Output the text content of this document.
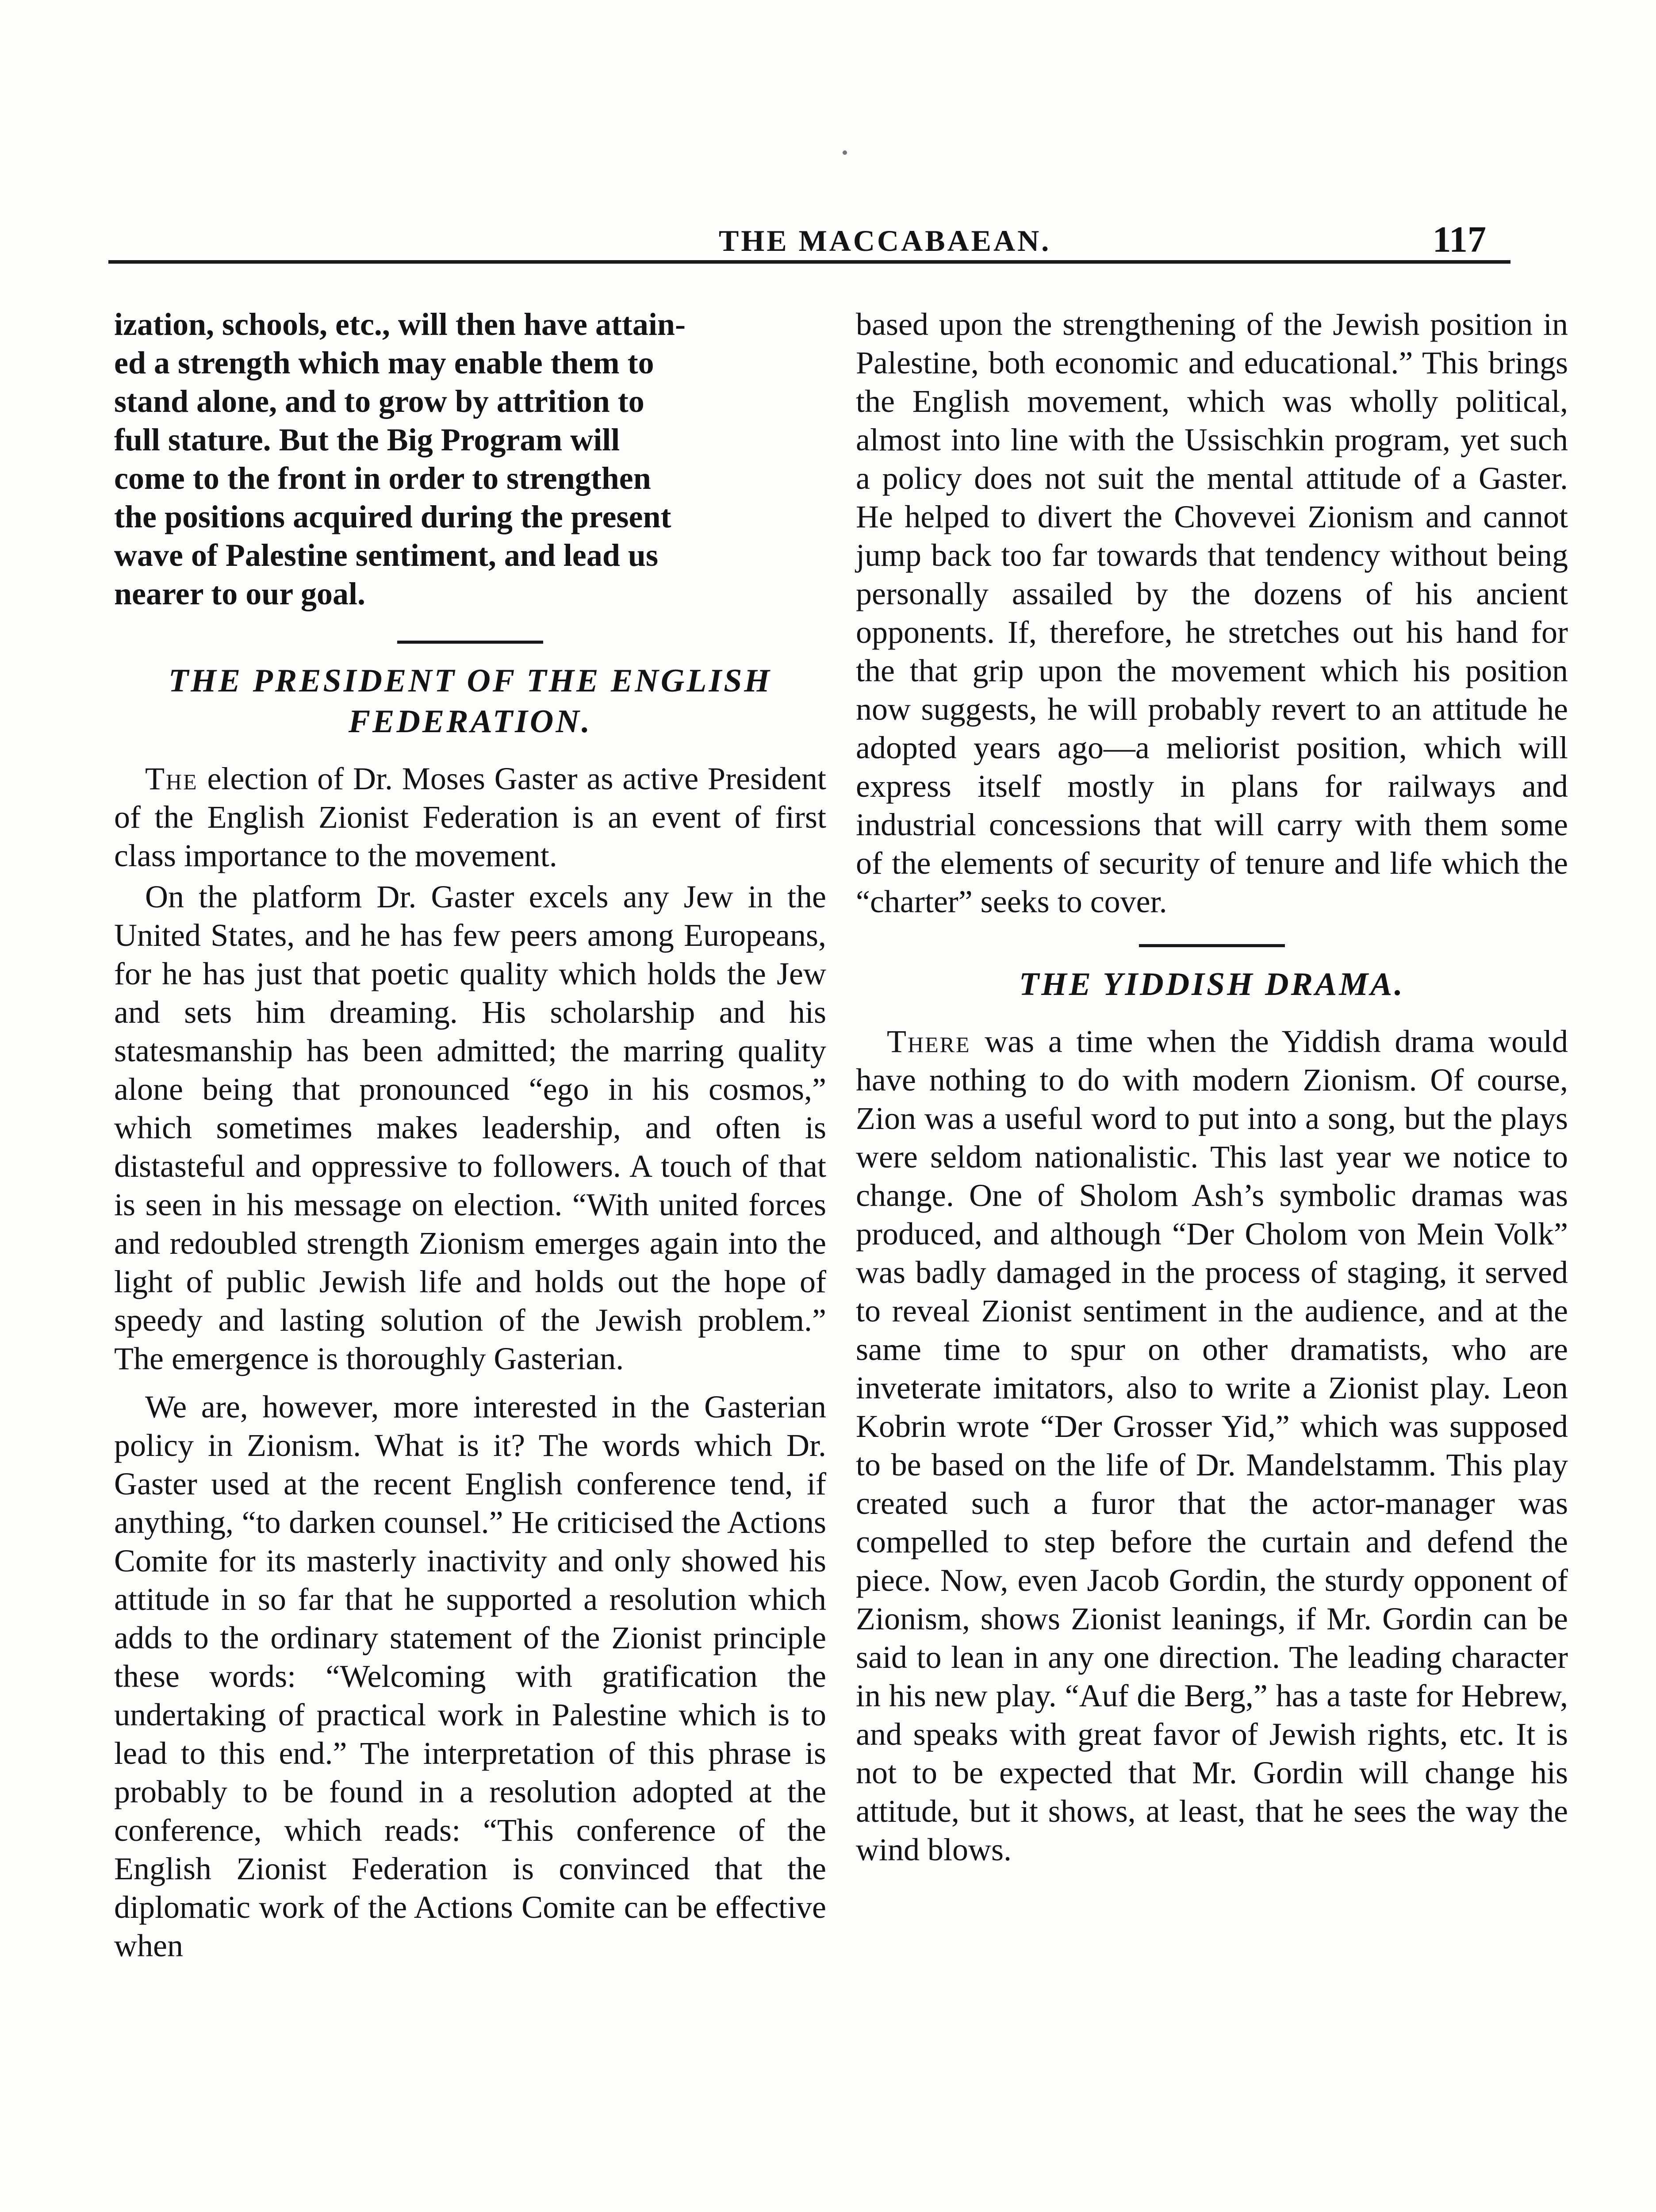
THE MACCABAEAN.	117

ization, schools, etc., will then have attain-
ed a strength which may enable them to
stand alone, and to grow by attrition to
full stature. But the Big Program will
come to the front in order to strengthen
the positions acquired during the present
wave of Palestine sentiment, and lead us
nearer to our goal.

THE PRESIDENT OF THE ENGLISH
FEDERATION.

The election of Dr. Moses Gaster as active President of the English Zionist Federation is an event of first class importance to the movement.

On the platform Dr. Gaster excels any Jew in the United States, and he has few peers among Europeans, for he has just that poetic quality which holds the Jew and sets him dreaming. His scholarship and his statesmanship has been admitted; the marring quality alone being that pronounced “ego in his cosmos,” which sometimes makes leadership, and often is distasteful and oppressive to followers. A touch of that is seen in his message on election. “With united forces and redoubled strength Zionism emerges again into the light of public Jewish life and holds out the hope of speedy and lasting solution of the Jewish problem.” The emergence is thoroughly Gasterian.

We are, however, more interested in the Gasterian policy in Zionism. What is it? The words which Dr. Gaster used at the recent English conference tend, if anything, “to darken counsel.” He criticised the Actions Comite for its masterly inactivity and only showed his attitude in so far that he supported a resolution which adds to the ordinary statement of the Zionist principle these words: “Welcoming with gratification the undertaking of practical work in Palestine which is to lead to this end.” The interpretation of this phrase is probably to be found in a resolution adopted at the conference, which reads: “This conference of the English Zionist Federation is convinced that the diplomatic work of the Actions Comite can be effective when

based upon the strengthening of the Jewish position in Palestine, both economic and educational.” This brings the English movement, which was wholly political, almost into line with the Ussischkin program, yet such a policy does not suit the mental attitude of a Gaster. He helped to divert the Chovevei Zionism and cannot jump back too far towards that tendency without being personally assailed by the dozens of his ancient opponents. If, therefore, he stretches out his hand for the that grip upon the movement which his position now suggests, he will probably revert to an attitude he adopted years ago—a meliorist position, which will express itself mostly in plans for railways and industrial concessions that will carry with them some of the elements of security of tenure and life which the “charter” seeks to cover.

THE YIDDISH DRAMA.

There was a time when the Yiddish drama would have nothing to do with modern Zionism. Of course, Zion was a useful word to put into a song, but the plays were seldom nationalistic. This last year we notice to change. One of Sholom Ash’s symbolic dramas was produced, and although “Der Cholom von Mein Volk” was badly damaged in the process of staging, it served to reveal Zionist sentiment in the audience, and at the same time to spur on other dramatists, who are inveterate imitators, also to write a Zionist play. Leon Kobrin wrote “Der Grosser Yid,” which was supposed to be based on the life of Dr. Mandelstamm. This play created such a furor that the actor-manager was compelled to step before the curtain and defend the piece. Now, even Jacob Gordin, the sturdy opponent of Zionism, shows Zionist leanings, if Mr. Gordin can be said to lean in any one direction. The leading character in his new play. “Auf die Berg,” has a taste for Hebrew, and speaks with great favor of Jewish rights, etc. It is not to be expected that Mr. Gordin will change his attitude, but it shows, at least, that he sees the way the wind blows.
